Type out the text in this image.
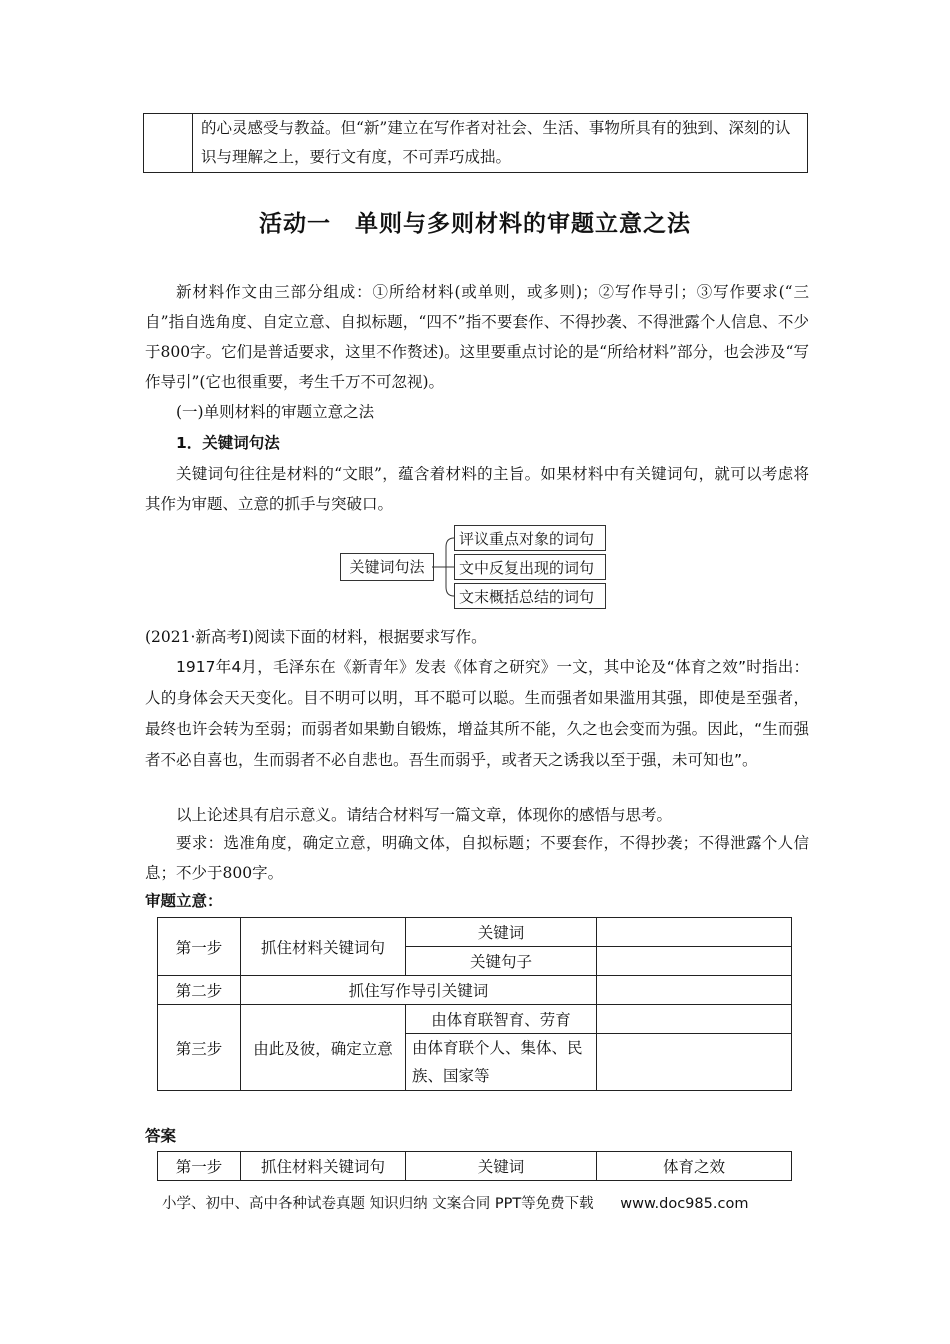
	的心灵感受与教益。但“新”建立在写作者对社会、生活、事物所具有的独到、深刻的认识与理解之上，要行文有度，不可弄巧成拙。
活动一　单则与多则材料的审题立意之法
新材料作文由三部分组成：①所给材料(或单则，或多则)；②写作导引；③写作要求(“三自”指自选角度、自定立意、自拟标题，“四不”指不要套作、不得抄袭、不得泄露个人信息、不少于800字。它们是普适要求，这里不作赘述)。这里要重点讨论的是“所给材料”部分，也会涉及“写作导引”(它也很重要，考生千万不可忽视)。
(一)单则材料的审题立意之法
1．关键词句法
关键词句往往是材料的“文眼”，蕴含着材料的主旨。如果材料中有关键词句，就可以考虑将其作为审题、立意的抓手与突破口。
关键词句法
评议重点对象的词句
文中反复出现的词句
文末概括总结的词句
(2021·新高考Ⅰ)阅读下面的材料，根据要求写作。
1917年4月，毛泽东在《新青年》发表《体育之研究》一文，其中论及“体育之效”时指出：人的身体会天天变化。目不明可以明，耳不聪可以聪。生而强者如果滥用其强，即使是至强者，最终也许会转为至弱；而弱者如果勤自锻炼，增益其所不能，久之也会变而为强。因此，“生而强者不必自喜也，生而弱者不必自悲也。吾生而弱乎，或者天之诱我以至于强，未可知也”。
以上论述具有启示意义。请结合材料写一篇文章，体现你的感悟与思考。
要求：选准角度，确定立意，明确文体，自拟标题；不要套作，不得抄袭；不得泄露个人信息；不少于800字。
审题立意：
第一步	抓住材料关键词句	关键词	
		关键句子	
第二步	抓住写作导引关键词		
第三步	由此及彼，确定立意	由体育联智育、劳育	
		由体育联个人、集体、民族、国家等	
答案
第一步	抓住材料关键词句	关键词	体育之效
小学、初中、高中各种试卷真题 知识归纳 文案合同 PPT等免费下载 www.doc985.com
